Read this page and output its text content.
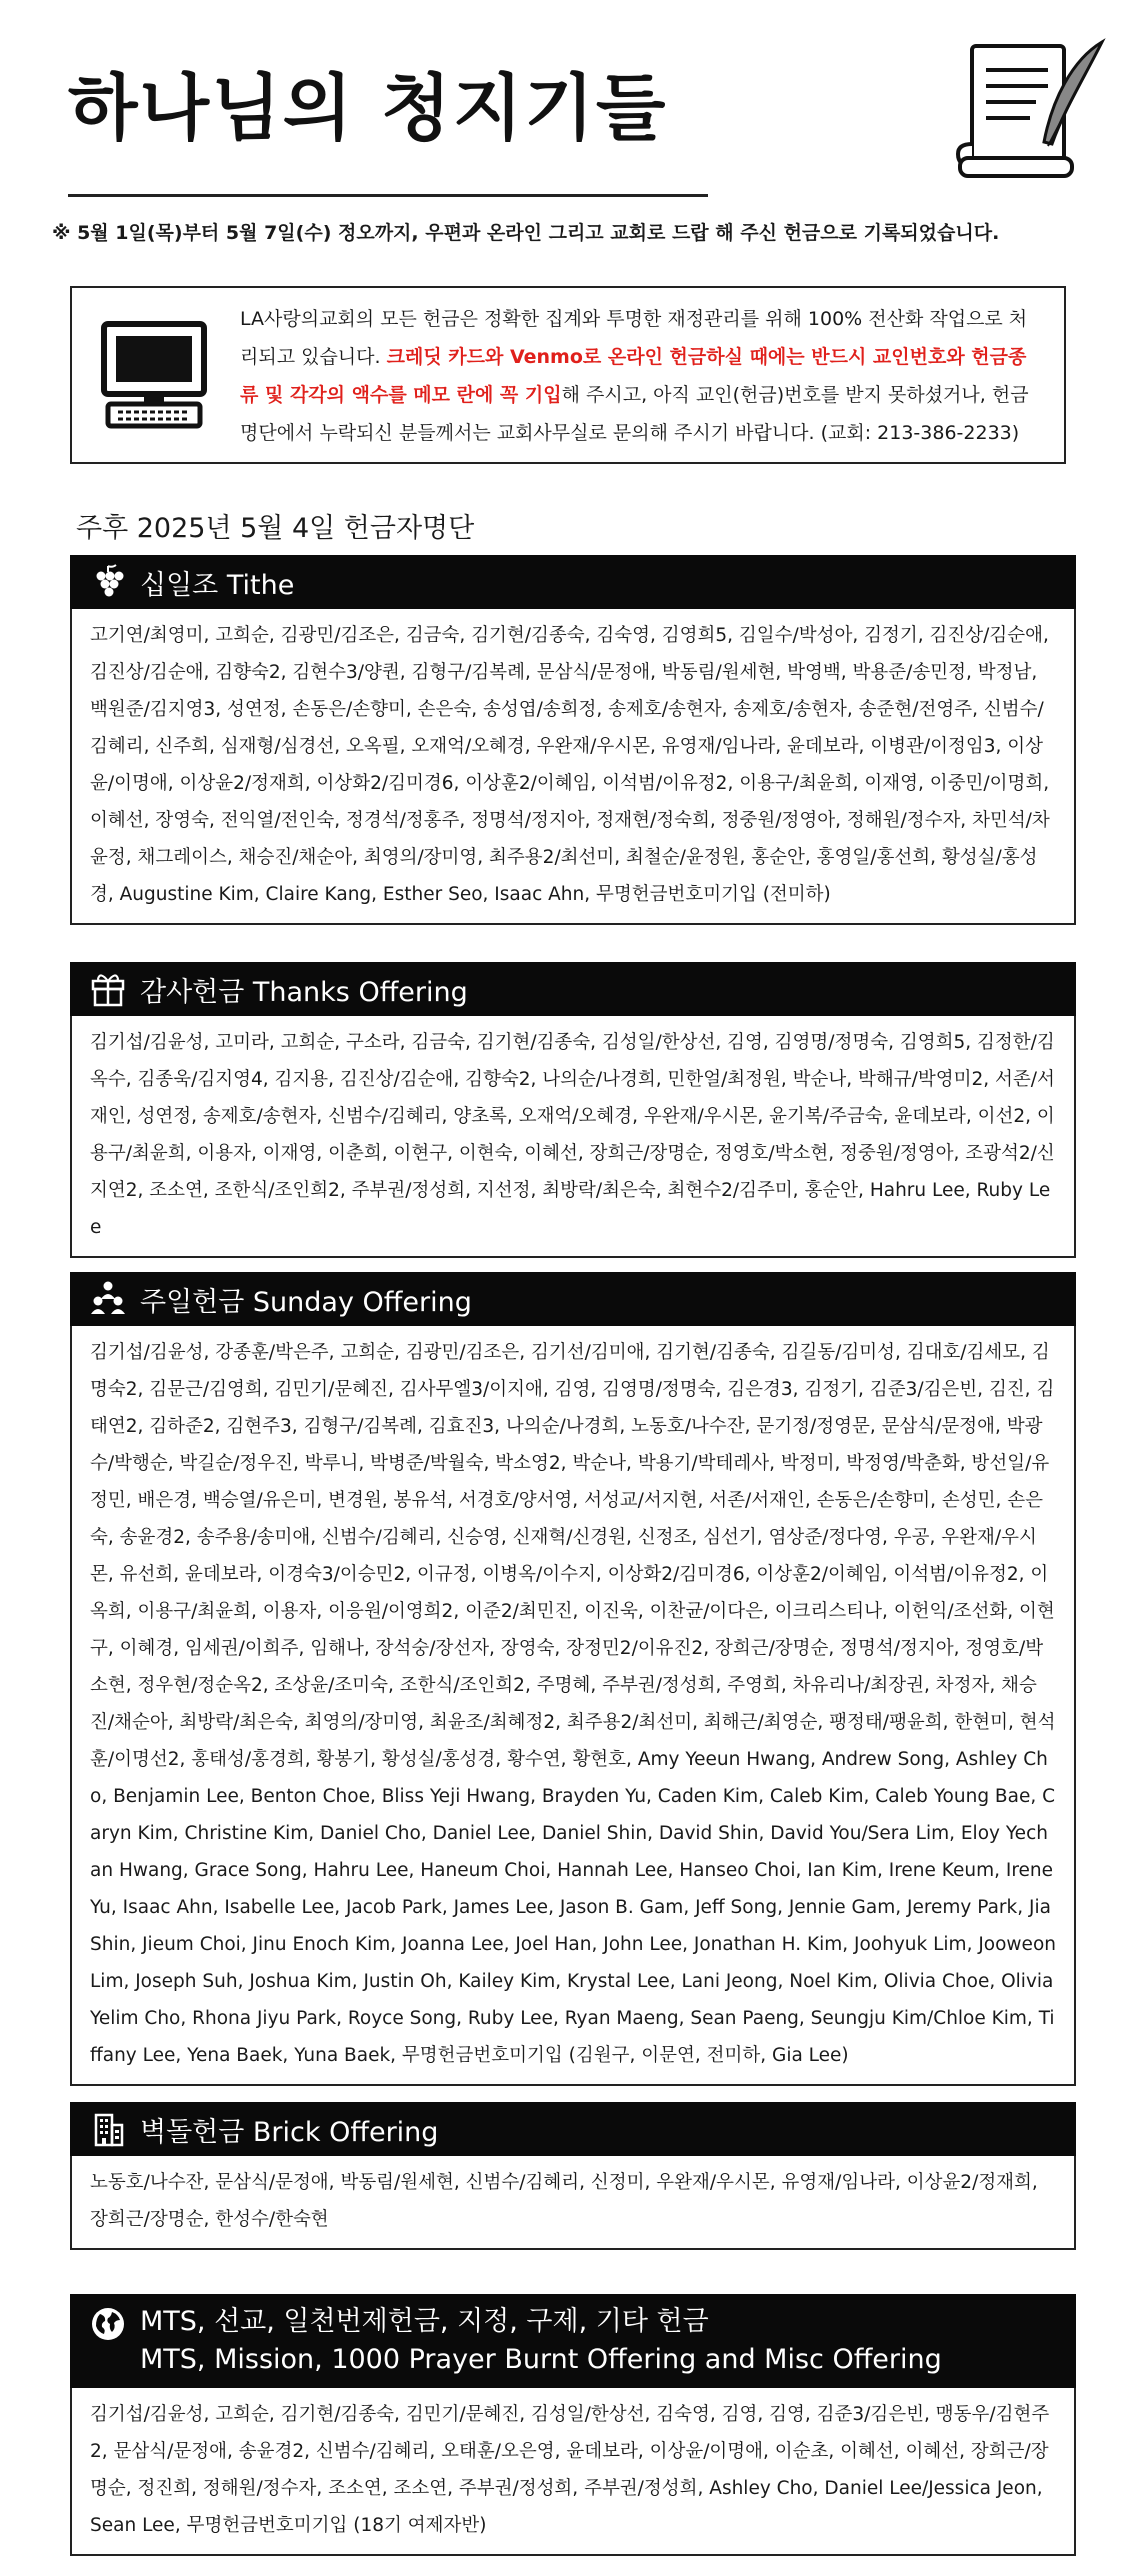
하나님의 청지기들

※ 5월 1일(목)부터 5월 7일(수) 정오까지, 우편과 온라인 그리고 교회로 드랍 해 주신 헌금으로 기록되었습니다.

LA사랑의교회의 모든 헌금은 정확한 집계와 투명한 재정관리를 위해 100% 전산화 작업으로 처리되고 있습니다. 크레딧 카드와 Venmo로 온라인 헌금하실 때에는 반드시 교인번호와 헌금종류 및 각각의 액수를 메모 란에 꼭 기입해 주시고, 아직 교인(헌금)번호를 받지 못하셨거나, 헌금 명단에서 누락되신 분들께서는 교회사무실로 문의해 주시기 바랍니다. (교회: 213-386-2233)

주후 2025년 5월 4일 헌금자명단
십일조 Tithe

고기연/최영미, 고희순, 김광민/김조은, 김금숙, 김기현/김종숙, 김숙영, 김영희5, 김일수/박성아, 김정기, 김진상/김순애, 김진상/김순애, 김향숙2, 김현수3/양퀀, 김형구/김복례, 문삼식/문정애, 박동림/원세현, 박영백, 박용준/송민정, 박정남, 백원준/김지영3, 성연정, 손동은/손향미, 손은숙, 송성엽/송희정, 송제호/송현자, 송제호/송현자, 송준현/전영주, 신범수/김혜리, 신주희, 심재형/심경선, 오옥필, 오재억/오혜경, 우완재/우시몬, 유영재/임나라, 윤데보라, 이병관/이정임3, 이상윤/이명애, 이상윤2/정재희, 이상화2/김미경6, 이상훈2/이혜임, 이석범/이유정2, 이용구/최윤희, 이재영, 이중민/이명희, 이혜선, 장영숙, 전익열/전인숙, 정경석/정홍주, 정명석/정지아, 정재현/정숙희, 정중원/정영아, 정해원/정수자, 차민석/차윤정, 채그레이스, 채승진/채순아, 최영의/장미영, 최주용2/최선미, 최철순/윤정원, 홍순안, 홍영일/홍선희, 황성실/홍성경, Augustine Kim, Claire Kang, Esther Seo, Isaac Ahn, 무명헌금번호미기입 (전미하)

감사헌금 Thanks Offering

김기섭/김윤성, 고미라, 고희순, 구소라, 김금숙, 김기현/김종숙, 김성일/한상선, 김영, 김영명/정명숙, 김영희5, 김정한/김옥수, 김종욱/김지영4, 김지용, 김진상/김순애, 김향숙2, 나의순/나경희, 민한얼/최정원, 박순나, 박해규/박영미2, 서존/서재인, 성연정, 송제호/송현자, 신범수/김혜리, 양초록, 오재억/오혜경, 우완재/우시몬, 윤기복/주금숙, 윤데보라, 이선2, 이용구/최윤희, 이용자, 이재영, 이춘희, 이현구, 이현숙, 이혜선, 장희근/장명순, 정영호/박소현, 정중원/정영아, 조광석2/신지연2, 조소연, 조한식/조인희2, 주부권/정성희, 지선정, 최방락/최은숙, 최현수2/김주미, 홍순안, Hahru Lee, Ruby Lee

주일헌금 Sunday Offering

김기섭/김윤성, 강종훈/박은주, 고희순, 김광민/김조은, 김기선/김미애, 김기현/김종숙, 김길동/김미성, 김대호/김세모, 김명숙2, 김문근/김영희, 김민기/문혜진, 김사무엘3/이지애, 김영, 김영명/정명숙, 김은경3, 김정기, 김준3/김은빈, 김진, 김태연2, 김하준2, 김현주3, 김형구/김복례, 김효진3, 나의순/나경희, 노동호/나수잔, 문기정/정영문, 문삼식/문정애, 박광수/박행순, 박길순/정우진, 박루니, 박병준/박월숙, 박소영2, 박순나, 박용기/박테레사, 박정미, 박정영/박춘화, 방선일/유정민, 배은경, 백승열/유은미, 변경원, 봉유석, 서경호/양서영, 서성교/서지현, 서존/서재인, 손동은/손향미, 손성민, 손은숙, 송윤경2, 송주용/송미애, 신범수/김혜리, 신승영, 신재혁/신경원, 신정조, 심선기, 염상준/정다영, 우공, 우완재/우시몬, 유선희, 윤데보라, 이경숙3/이승민2, 이규정, 이병옥/이수지, 이상화2/김미경6, 이상훈2/이혜임, 이석범/이유정2, 이옥희, 이용구/최윤희, 이용자, 이응원/이영희2, 이준2/최민진, 이진욱, 이찬균/이다은, 이크리스티나, 이헌익/조선화, 이현구, 이혜경, 임세권/이희주, 임해나, 장석숭/장선자, 장영숙, 장정민2/이유진2, 장희근/장명순, 정명석/정지아, 정영호/박소현, 정우현/정순옥2, 조상윤/조미숙, 조한식/조인희2, 주명혜, 주부권/정성희, 주영희, 차유리나/최장권, 차정자, 채승진/채순아, 최방락/최은숙, 최영의/장미영, 최윤조/최혜정2, 최주용2/최선미, 최해근/최영순, 팽정태/팽윤희, 한현미, 현석훈/이명선2, 홍태성/홍경희, 황봉기, 황성실/홍성경, 황수연, 황현호, Amy Yeeun Hwang, Andrew Song, Ashley Cho, Benjamin Lee, Benton Choe, Bliss Yeji Hwang, Brayden Yu, Caden Kim, Caleb Kim, Caleb Young Bae, Caryn Kim, Christine Kim, Daniel Cho, Daniel Lee, Daniel Shin, David Shin, David You/Sera Lim, Eloy Yechan Hwang, Grace Song, Hahru Lee, Haneum Choi, Hannah Lee, Hanseo Choi, Ian Kim, Irene Keum, Irene Yu, Isaac Ahn, Isabelle Lee, Jacob Park, James Lee, Jason B. Gam, Jeff Song, Jennie Gam, Jeremy Park, Jia Shin, Jieum Choi, Jinu Enoch Kim, Joanna Lee, Joel Han, John Lee, Jonathan H. Kim, Joohyuk Lim, Jooweon Lim, Joseph Suh, Joshua Kim, Justin Oh, Kailey Kim, Krystal Lee, Lani Jeong, Noel Kim, Olivia Choe, Olivia Yelim Cho, Rhona Jiyu Park, Royce Song, Ruby Lee, Ryan Maeng, Sean Paeng, Seungju Kim/Chloe Kim, Tiffany Lee, Yena Baek, Yuna Baek, 무명헌금번호미기입 (김원구, 이문연, 전미하, Gia Lee)

벽돌헌금 Brick Offering

노동호/나수잔, 문삼식/문정애, 박동림/원세현, 신범수/김혜리, 신정미, 우완재/우시몬, 유영재/임나라, 이상윤2/정재희, 장희근/장명순, 한성수/한숙현

MTS, 선교, 일천번제헌금, 지정, 구제, 기타 헌금
MTS, Mission, 1000 Prayer Burnt Offering and Misc Offering

김기섭/김윤성, 고희순, 김기현/김종숙, 김민기/문혜진, 김성일/한상선, 김숙영, 김영, 김영, 김준3/김은빈, 맹동우/김현주2, 문삼식/문정애, 송윤경2, 신범수/김혜리, 오태훈/오은영, 윤데보라, 이상윤/이명애, 이순초, 이혜선, 이혜선, 장희근/장명순, 정진희, 정해원/정수자, 조소연, 조소연, 주부권/정성희, 주부권/정성희, Ashley Cho, Daniel Lee/Jessica Jeon, Sean Lee, 무명헌금번호미기입 (18기 여제자반)
